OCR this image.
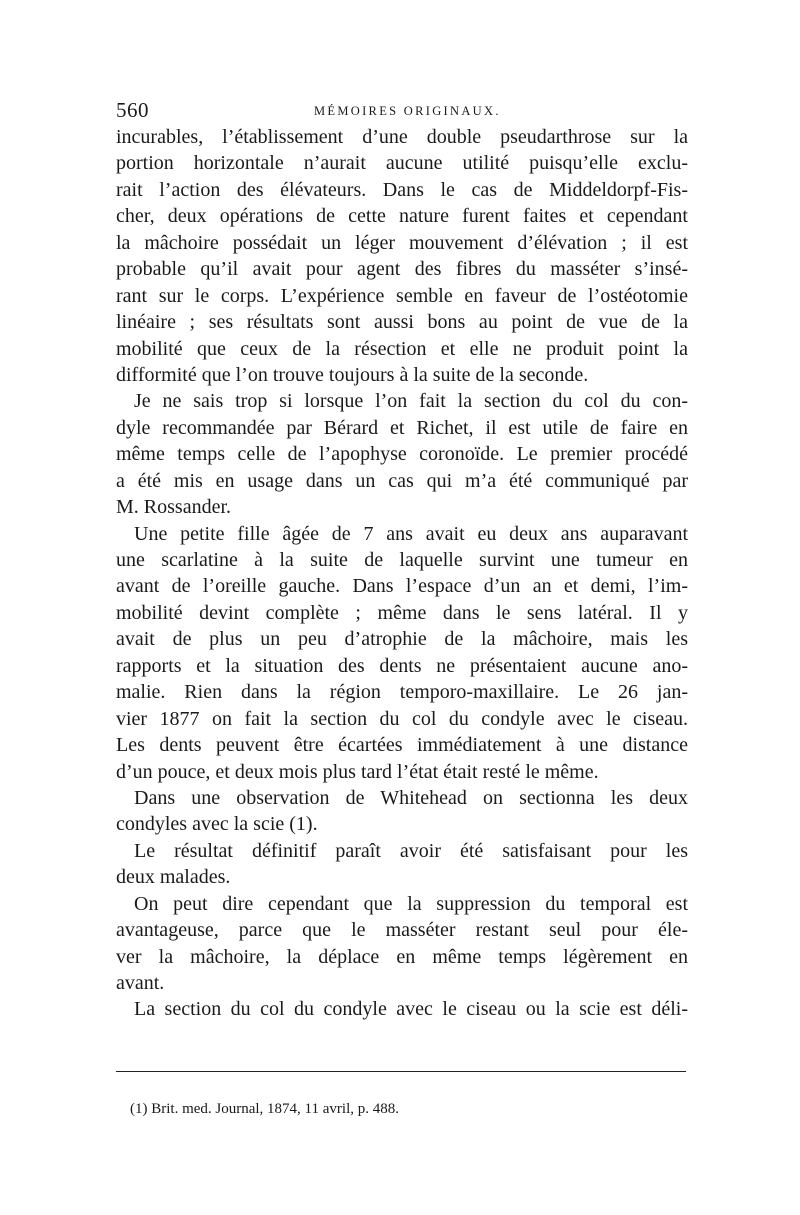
560	MÉMOIRES ORIGINAUX.
incurables, l’établissement d’une double pseudarthrose sur la
portion horizontale n’aurait aucune utilité puisqu’elle exclu-
rait l’action des élévateurs. Dans le cas de Middeldorpf-Fis-
cher, deux opérations de cette nature furent faites et cependant
la mâchoire possédait un léger mouvement d’élévation ; il est
probable qu’il avait pour agent des fibres du masséter s’insé-
rant sur le corps. L’expérience semble en faveur de l’ostéotomie
linéaire ; ses résultats sont aussi bons au point de vue de la
mobilité que ceux de la résection et elle ne produit point la
difformité que l’on trouve toujours à la suite de la seconde.
Je ne sais trop si lorsque l’on fait la section du col du con-
dyle recommandée par Bérard et Richet, il est utile de faire en
même temps celle de l’apophyse coronoïde. Le premier procédé
a été mis en usage dans un cas qui m’a été communiqué par
M. Rossander.
Une petite fille âgée de 7 ans avait eu deux ans auparavant
une scarlatine à la suite de laquelle survint une tumeur en
avant de l’oreille gauche. Dans l’espace d’un an et demi, l’im-
mobilité devint complète ; même dans le sens latéral. Il y
avait de plus un peu d’atrophie de la mâchoire, mais les
rapports et la situation des dents ne présentaient aucune ano-
malie. Rien dans la région temporo-maxillaire. Le 26 jan-
vier 1877 on fait la section du col du condyle avec le ciseau.
Les dents peuvent être écartées immédiatement à une distance
d’un pouce, et deux mois plus tard l’état était resté le même.
Dans une observation de Whitehead on sectionna les deux
condyles avec la scie (1).
Le résultat définitif paraît avoir été satisfaisant pour les
deux malades.
On peut dire cependant que la suppression du temporal est
avantageuse, parce que le masséter restant seul pour éle-
ver la mâchoire, la déplace en même temps légèrement en
avant.
La section du col du condyle avec le ciseau ou la scie est déli-
(1) Brit. med. Journal, 1874, 11 avril, p. 488.
